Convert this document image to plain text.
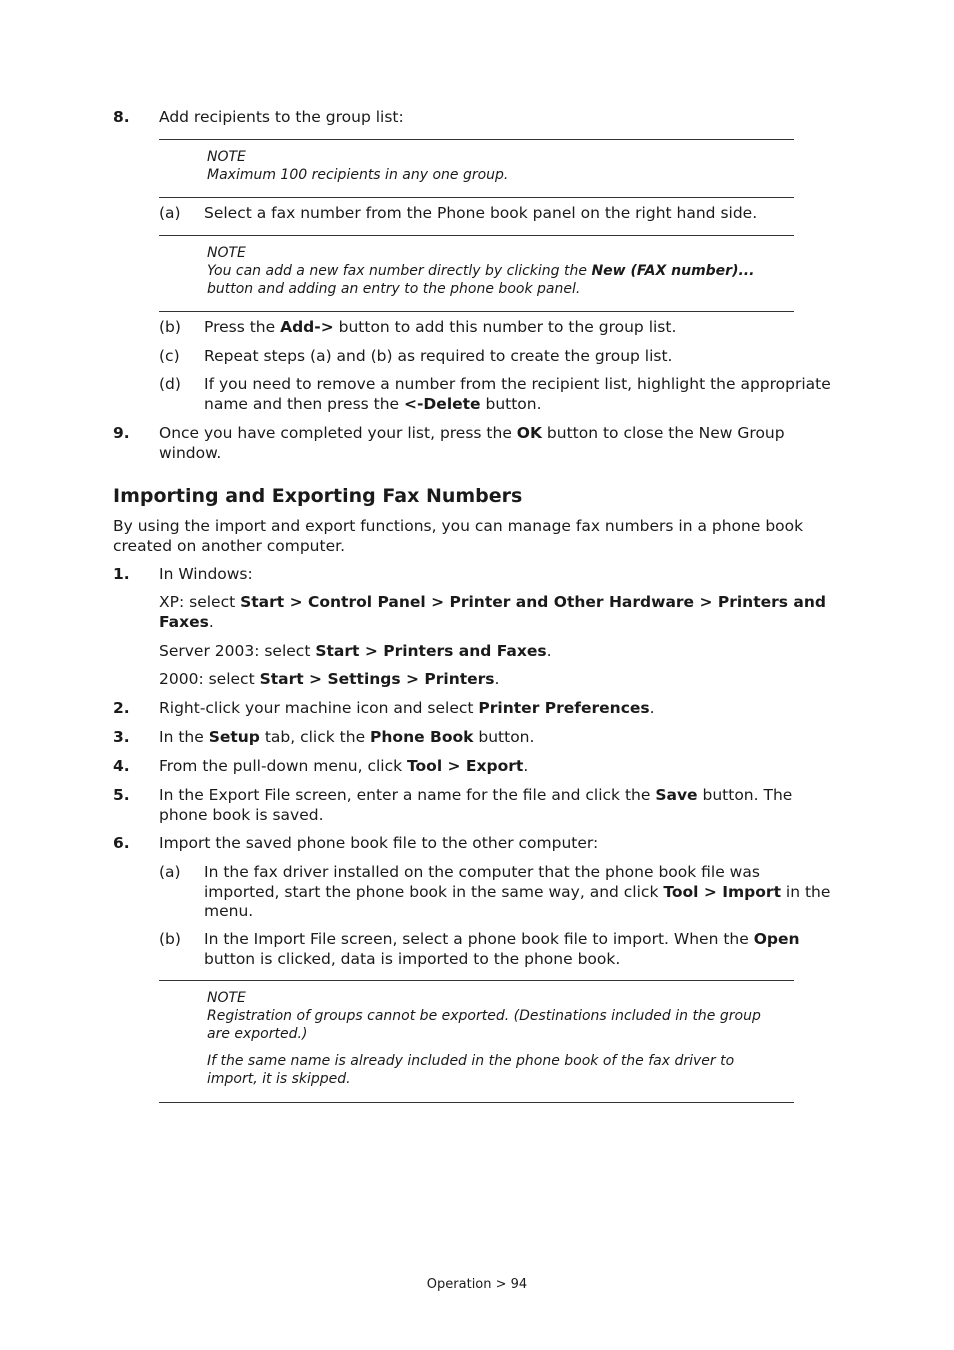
8. Add recipients to the group list:

NOTE

Maximum 100 recipients in any one group.

(a) Select a fax number from the Phone book panel on the right hand side.

NOTE

You can add a new fax number directly by clicking the New (FAX number)... button and adding an entry to the phone book panel.

(b) Press the Add-> button to add this number to the group list.
(c) Repeat steps (a) and (b) as required to create the group list.
(d) If you need to remove a number from the recipient list, highlight the appropriate name and then press the <-Delete button.
9. Once you have completed your list, press the OK button to close the New Group window.
Importing and Exporting Fax Numbers
By using the import and export functions, you can manage fax numbers in a phone book created on another computer.
1. In Windows:
XP: select Start > Control Panel > Printer and Other Hardware > Printers and Faxes.
Server 2003: select Start > Printers and Faxes.
2000: select Start > Settings > Printers.
2. Right-click your machine icon and select Printer Preferences.
3. In the Setup tab, click the Phone Book button.
4. From the pull-down menu, click Tool > Export.
5. In the Export File screen, enter a name for the file and click the Save button. The phone book is saved.
6. Import the saved phone book file to the other computer:
(a) In the fax driver installed on the computer that the phone book file was imported, start the phone book in the same way, and click Tool > Import in the menu.
(b) In the Import File screen, select a phone book file to import. When the Open button is clicked, data is imported to the phone book.

NOTE

Registration of groups cannot be exported. (Destinations included in the group are exported.)

If the same name is already included in the phone book of the fax driver to import, it is skipped.

Operation > 94
